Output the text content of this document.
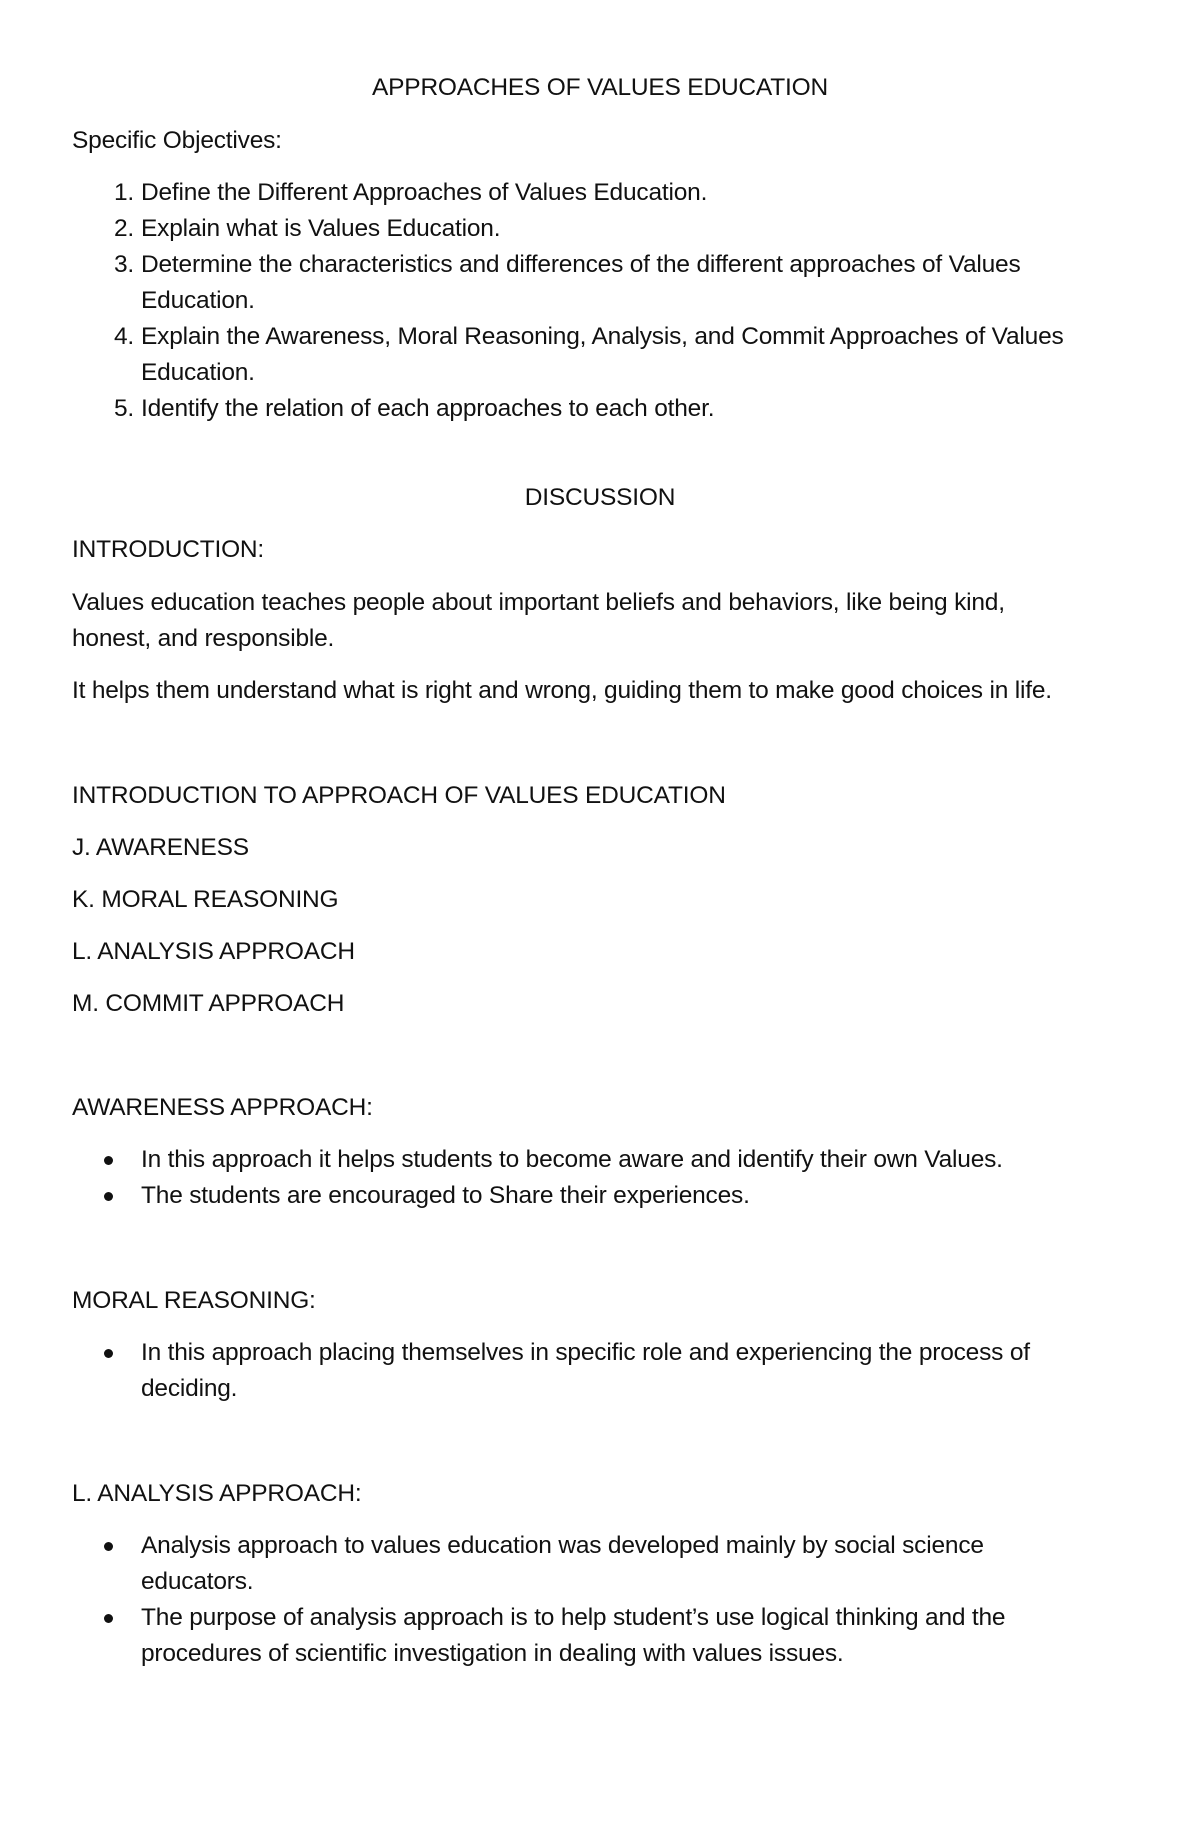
APPROACHES OF VALUES EDUCATION
Specific Objectives:
1. Define the Different Approaches of Values Education.
2. Explain what is Values Education.
3. Determine the characteristics and differences of the different approaches of Values
Education.
4. Explain the Awareness, Moral Reasoning, Analysis, and Commit Approaches of Values
Education.
5. Identify the relation of each approaches to each other.
DISCUSSION
INTRODUCTION:
Values education teaches people about important beliefs and behaviors, like being kind,
honest, and responsible.
It helps them understand what is right and wrong, guiding them to make good choices in life.
INTRODUCTION TO APPROACH OF VALUES EDUCATION
J. AWARENESS
K. MORAL REASONING
L. ANALYSIS APPROACH
M. COMMIT APPROACH
AWARENESS APPROACH:
In this approach it helps students to become aware and identify their own Values.
The students are encouraged to Share their experiences.
MORAL REASONING:
In this approach placing themselves in specific role and experiencing the process of
deciding.
L. ANALYSIS APPROACH:
Analysis approach to values education was developed mainly by social science
educators.
The purpose of analysis approach is to help student’s use logical thinking and the
procedures of scientific investigation in dealing with values issues.
